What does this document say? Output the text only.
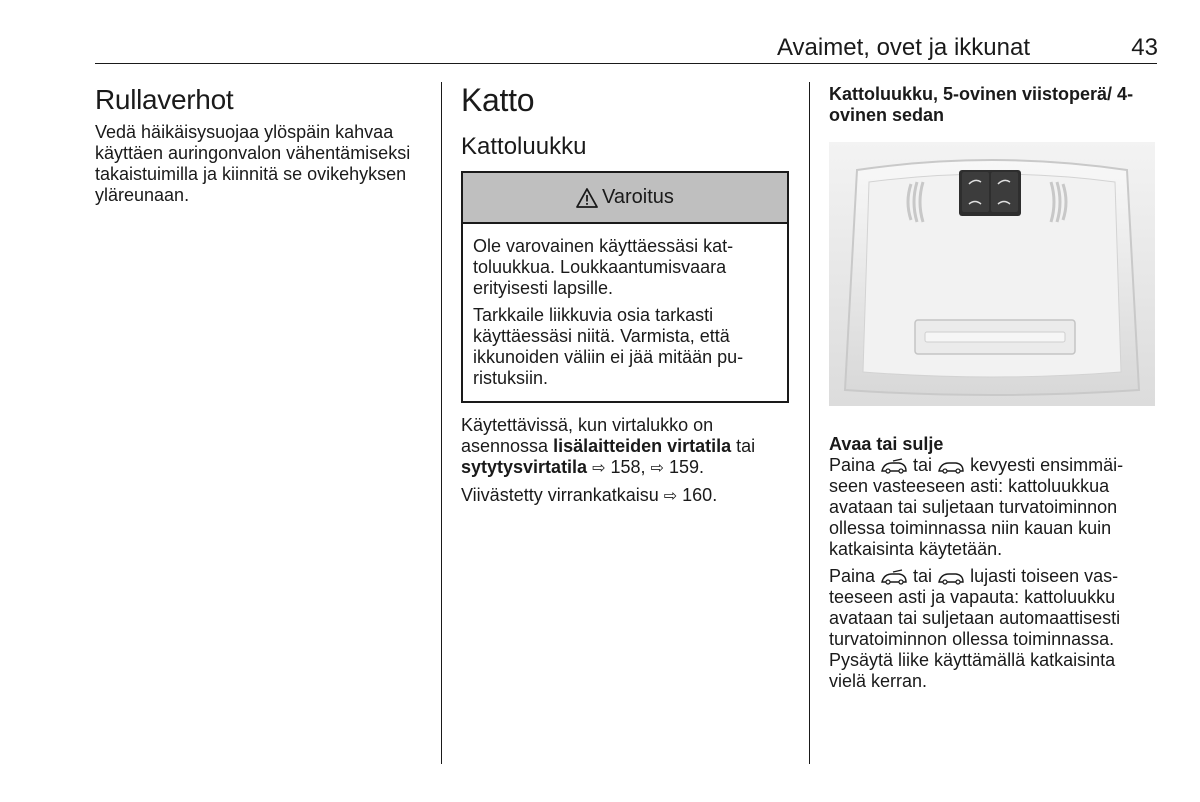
Avaimet, ovet ja ikkunat	43
Rullaverhot

Vedä häikäisysuojaa ylöspäin kahvaa käyttäen auringonvalon vähentämiseksi takaistuimilla ja kiinnitä se ovikehyksen yläreunaan.

Katto
Kattoluukku
Varoitus

Ole varovainen käyttäessäsi kattoluukkua. Loukkaantumisvaara erityisesti lapsille.

Tarkkaile liikkuvia osia tarkasti käyttäessäsi niitä. Varmista, että ikkunoiden väliin ei jää mitään puristuksiin.

Käytettävissä, kun virtalukko on asennossa lisälaitteiden virtatila tai sytytysvirtatila ⇨ 158, ⇨ 159.

Viivästetty virrankatkaisu ⇨ 160.

Kattoluukku, 5-ovinen viistoperä/ 4-ovinen sedan

Avaa tai sulje

Paina  tai  kevyesti ensimmäiseen vasteeseen asti: kattoluukkua avataan tai suljetaan turvatoiminnon ollessa toiminnassa niin kauan kuin katkaisinta käytetään.

Paina  tai  lujasti toiseen vasteeseen asti ja vapauta: kattoluukku avataan tai suljetaan automaattisesti turvatoiminnon ollessa toiminnassa. Pysäytä liike käyttämällä katkaisinta vielä kerran.
